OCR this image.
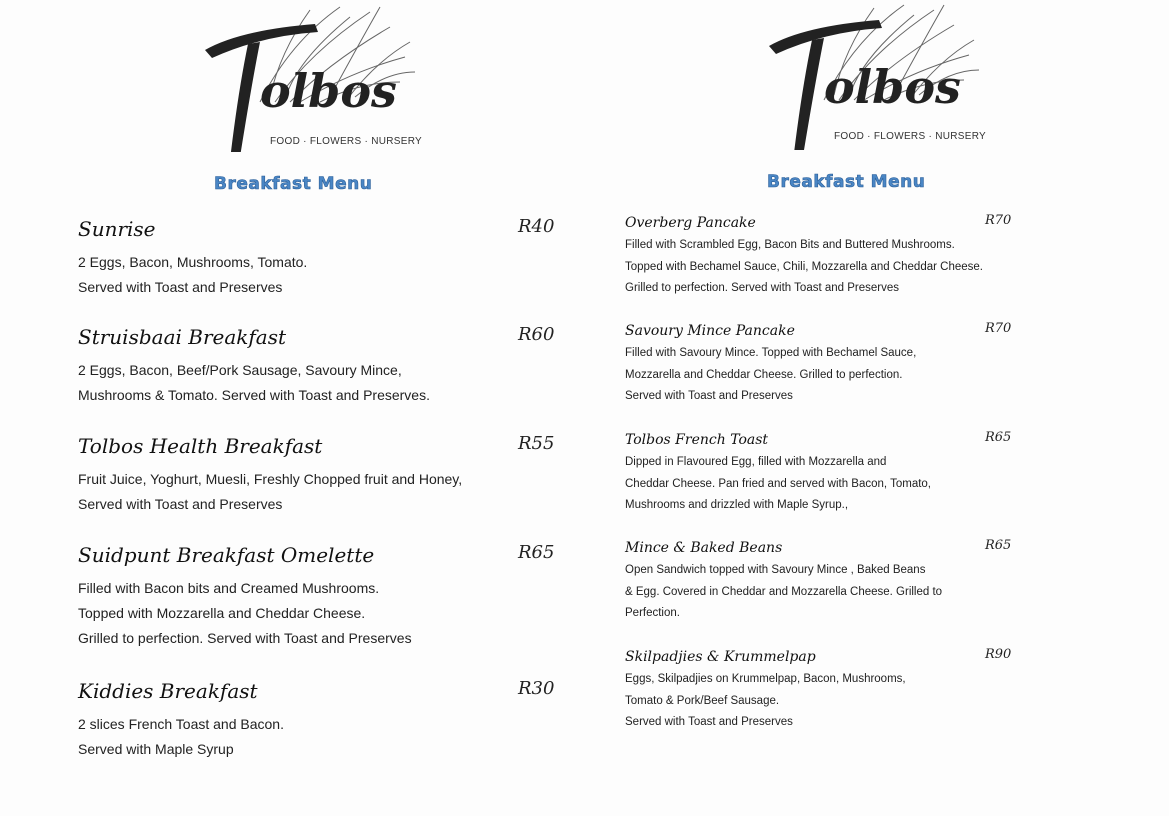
olbos
FOOD · FLOWERS · NURSERY
Breakfast Menu
Sunrise	R40
2 Eggs, Bacon, Mushrooms, Tomato.
Served with Toast and Preserves
Struisbaai Breakfast	R60
2 Eggs, Bacon, Beef/Pork Sausage, Savoury Mince,
Mushrooms & Tomato. Served with Toast and Preserves.
Tolbos Health Breakfast	R55
Fruit Juice, Yoghurt, Muesli, Freshly Chopped fruit and Honey,
Served with Toast and Preserves
Suidpunt Breakfast Omelette	R65
Filled with Bacon bits and Creamed Mushrooms.
Topped with Mozzarella and Cheddar Cheese.
Grilled to perfection. Served with Toast and Preserves
Kiddies Breakfast	R30
2 slices French Toast and Bacon.
Served with Maple Syrup
olbos
FOOD · FLOWERS · NURSERY
Breakfast Menu
Overberg Pancake	R70
Filled with Scrambled Egg, Bacon Bits and Buttered Mushrooms.
Topped with Bechamel Sauce, Chili, Mozzarella and Cheddar Cheese.
Grilled to perfection. Served with Toast and Preserves
Savoury Mince Pancake	R70
Filled with Savoury Mince. Topped with Bechamel Sauce,
Mozzarella and Cheddar Cheese. Grilled to perfection.
Served with Toast and Preserves
Tolbos French Toast	R65
Dipped in Flavoured Egg, filled with Mozzarella and
Cheddar Cheese. Pan fried and served with Bacon, Tomato,
Mushrooms and drizzled with Maple Syrup.,
Mince & Baked Beans	R65
Open Sandwich topped with Savoury Mince , Baked Beans
& Egg. Covered in Cheddar and Mozzarella Cheese. Grilled to
Perfection.
Skilpadjies & Krummelpap	R90
Eggs, Skilpadjies on Krummelpap, Bacon, Mushrooms,
Tomato & Pork/Beef Sausage.
Served with Toast and Preserves
